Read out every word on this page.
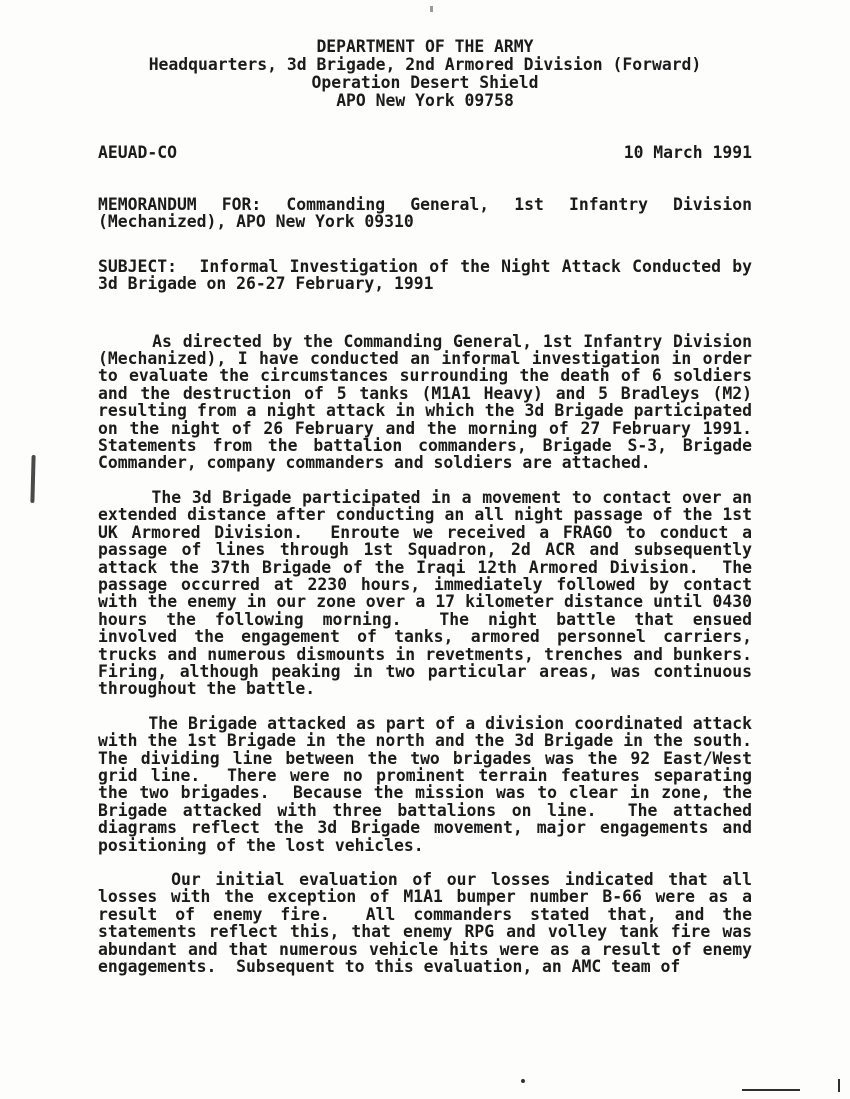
DEPARTMENT OF THE ARMY
Headquarters, 3d Brigade, 2nd Armored Division (Forward)
Operation Desert Shield
APO New York 09758
AEUAD-CO	10 March 1991

MEMORANDUM  FOR:  Commanding  General,  1st  Infantry  Division (Mechanized), APO New York 09310

SUBJECT:  Informal Investigation of the Night Attack Conducted by 3d Brigade on 26-27 February, 1991

As directed by the Commanding General, 1st Infantry Division (Mechanized), I have conducted an informal investigation in order to evaluate the circumstances surrounding the death of 6 soldiers and the destruction of 5 tanks (M1A1 Heavy) and 5 Bradleys (M2) resulting from a night attack in which the 3d Brigade participated on the night of 26 February and the morning of 27 February 1991.  Statements from the battalion commanders, Brigade S-3, Brigade Commander, company commanders and soldiers are attached.

The 3d Brigade participated in a movement to contact over an extended distance after conducting an all night passage of the 1st UK Armored Division.  Enroute we received a FRAGO to conduct a passage of lines through 1st Squadron, 2d ACR and subsequently attack the 37th Brigade of the Iraqi 12th Armored Division.  The passage occurred at 2230 hours, immediately followed by contact with the enemy in our zone over a 17 kilometer distance until 0430 hours the following morning.  The night battle that ensued involved the engagement of tanks, armored personnel carriers, trucks and numerous dismounts in revetments, trenches and bunkers.  Firing, although peaking in two particular areas, was continuous throughout the battle.

The Brigade attacked as part of a division coordinated attack with the 1st Brigade in the north and the 3d Brigade in the south.  The dividing line between the two brigades was the 92 East/West grid line.  There were no prominent terrain features separating the two brigades.  Because the mission was to clear in zone, the Brigade attacked with three battalions on line.  The attached diagrams reflect the 3d Brigade movement, major engagements and positioning of the lost vehicles.

Our initial evaluation of our losses indicated that all losses with the exception of M1A1 bumper number B-66 were as a result of enemy fire.  All commanders stated that, and the statements reflect this, that enemy RPG and volley tank fire was abundant and that numerous vehicle hits were as a result of enemy engagements.  Subsequent to this evaluation, an AMC team of
